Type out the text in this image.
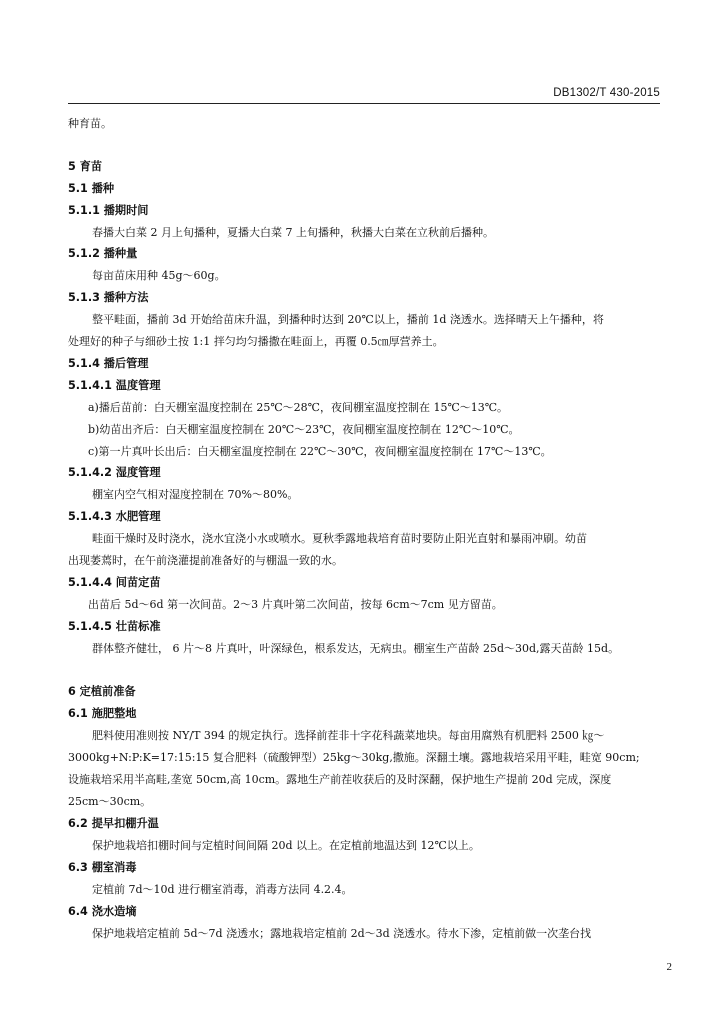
DB1302/T 430-2015
种育苗。
5 育苗
5.1 播种
5.1.1 播期时间
春播大白菜 2 月上旬播种，夏播大白菜 7 上旬播种，秋播大白菜在立秋前后播种。
5.1.2 播种量
每亩苗床用种 45g～60g。
5.1.3 播种方法
整平畦面，播前 3d 开始给苗床升温，到播种时达到 20℃以上，播前 1d 浇透水。选择晴天上午播种，将
处理好的种子与细砂土按 1:1 拌匀均匀播撒在畦面上，再覆 0.5㎝厚营养土。
5.1.4 播后管理
5.1.4.1 温度管理
a)播后苗前：白天棚室温度控制在 25℃～28℃，夜间棚室温度控制在 15℃～13℃。
b)幼苗出齐后：白天棚室温度控制在 20℃～23℃，夜间棚室温度控制在 12℃～10℃。
c)第一片真叶长出后：白天棚室温度控制在 22℃～30℃，夜间棚室温度控制在 17℃～13℃。
5.1.4.2 湿度管理
棚室内空气相对湿度控制在 70%～80%。
5.1.4.3 水肥管理
畦面干燥时及时浇水，浇水宜浇小水或喷水。夏秋季露地栽培育苗时要防止阳光直射和暴雨冲刷。幼苗
出现萎蔫时，在午前浇灌提前准备好的与棚温一致的水。
5.1.4.4 间苗定苗
出苗后 5d～6d 第一次间苗。2～3 片真叶第二次间苗，按每 6cm～7cm 见方留苗。
5.1.4.5 壮苗标准
群体整齐健壮， 6 片～8 片真叶，叶深绿色，根系发达，无病虫。棚室生产苗龄 25d～30d,露天苗龄 15d。
6 定植前准备
6.1 施肥整地
肥料使用准则按 NY/T 394 的规定执行。选择前茬非十字花科蔬菜地块。每亩用腐熟有机肥料 2500 ㎏～
3000kg+N:P:K=17:15:15 复合肥料（硫酸钾型）25kg～30kg,撒施。深翻土壤。露地栽培采用平畦，畦宽 90cm;
设施栽培采用半高畦,垄宽 50cm,高 10cm。露地生产前茬收获后的及时深翻，保护地生产提前 20d 完成，深度
25cm～30cm。
6.2 提早扣棚升温
保护地栽培扣棚时间与定植时间间隔 20d 以上。在定植前地温达到 12℃以上。
6.3 棚室消毒
定植前 7d～10d 进行棚室消毒，消毒方法同 4.2.4。
6.4 浇水造墒
保护地栽培定植前 5d～7d 浇透水；露地栽培定植前 2d～3d 浇透水。待水下渗，定植前做一次垄台找
2
